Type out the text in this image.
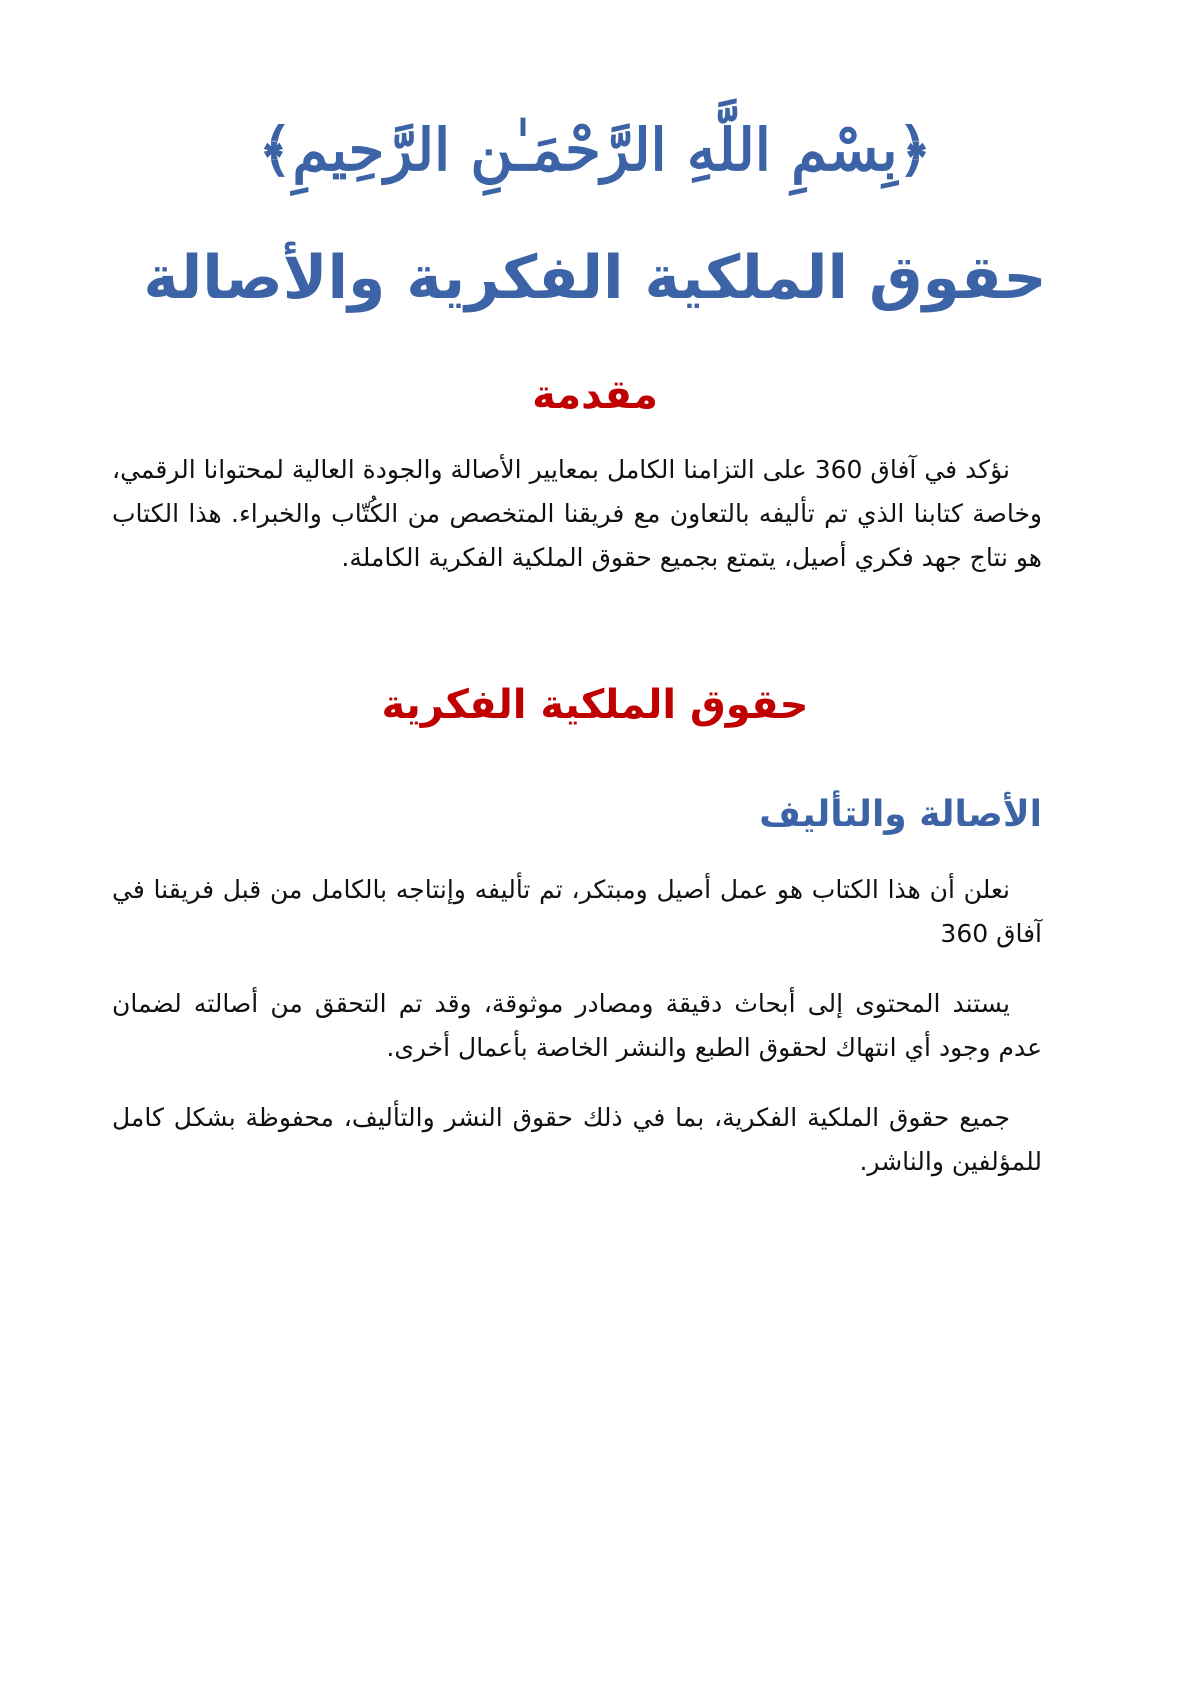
﴿بِسْمِ اللَّهِ الرَّحْمَـٰنِ الرَّحِيمِ﴾
حقوق الملكية الفكرية والأصالة
مقدمة

نؤكد في آفاق 360 على التزامنا الكامل بمعايير الأصالة والجودة العالية لمحتوانا الرقمي، وخاصة كتابنا الذي تم تأليفه بالتعاون مع فريقنا المتخصص من الكُتّاب والخبراء. هذا الكتاب هو نتاج جهد فكري أصيل، يتمتع بجميع حقوق الملكية الفكرية الكاملة.

حقوق الملكية الفكرية
الأصالة والتأليف

نعلن أن هذا الكتاب هو عمل أصيل ومبتكر، تم تأليفه وإنتاجه بالكامل من قبل فريقنا في آفاق 360

يستند المحتوى إلى أبحاث دقيقة ومصادر موثوقة، وقد تم التحقق من أصالته لضمان عدم وجود أي انتهاك لحقوق الطبع والنشر الخاصة بأعمال أخرى.

جميع حقوق الملكية الفكرية، بما في ذلك حقوق النشر والتأليف، محفوظة بشكل كامل للمؤلفين والناشر.
